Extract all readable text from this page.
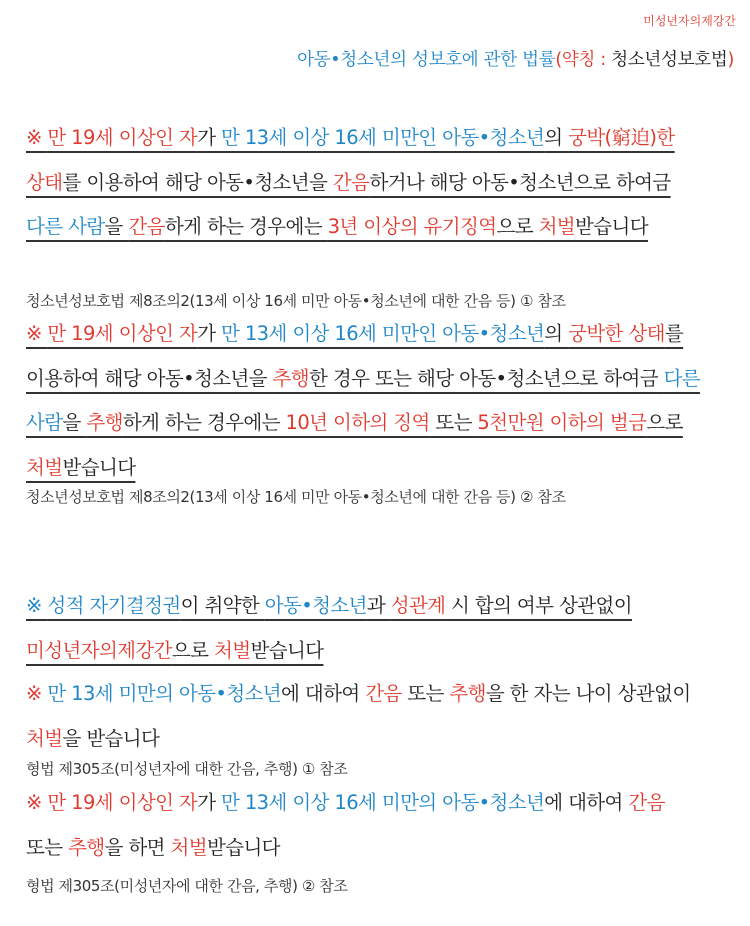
미성년자의제강간
아동•청소년의 성보호에 관한 법률(약칭 : 청소년성보호법)
※ 만 19세 이상인 자가 만 13세 이상 16세 미만인 아동•청소년의 궁박(窮迫)한 상태를 이용하여 해당 아동•청소년을 간음하거나 해당 아동•청소년으로 하여금 다른 사람을 간음하게 하는 경우에는 3년 이상의 유기징역으로 처벌받습니다
청소년성보호법 제8조의2(13세 이상 16세 미만 아동•청소년에 대한 간음 등) ① 참조
※ 만 19세 이상인 자가 만 13세 이상 16세 미만인 아동•청소년의 궁박한 상태를 이용하여 해당 아동•청소년을 추행한 경우 또는 해당 아동•청소년으로 하여금 다른 사람을 추행하게 하는 경우에는 10년 이하의 징역 또는 5천만원 이하의 벌금으로 처벌받습니다
청소년성보호법 제8조의2(13세 이상 16세 미만 아동•청소년에 대한 간음 등) ② 참조
※ 성적 자기결정권이 취약한 아동•청소년과 성관계 시 합의 여부 상관없이 미성년자의제강간으로 처벌받습니다
※ 만 13세 미만의 아동•청소년에 대하여 간음 또는 추행을 한 자는 나이 상관없이 처벌을 받습니다
형법 제305조(미성년자에 대한 간음, 추행) ① 참조
※ 만 19세 이상인 자가 만 13세 이상 16세 미만의 아동•청소년에 대하여 간음 또는 추행을 하면 처벌받습니다
형법 제305조(미성년자에 대한 간음, 추행) ② 참조
